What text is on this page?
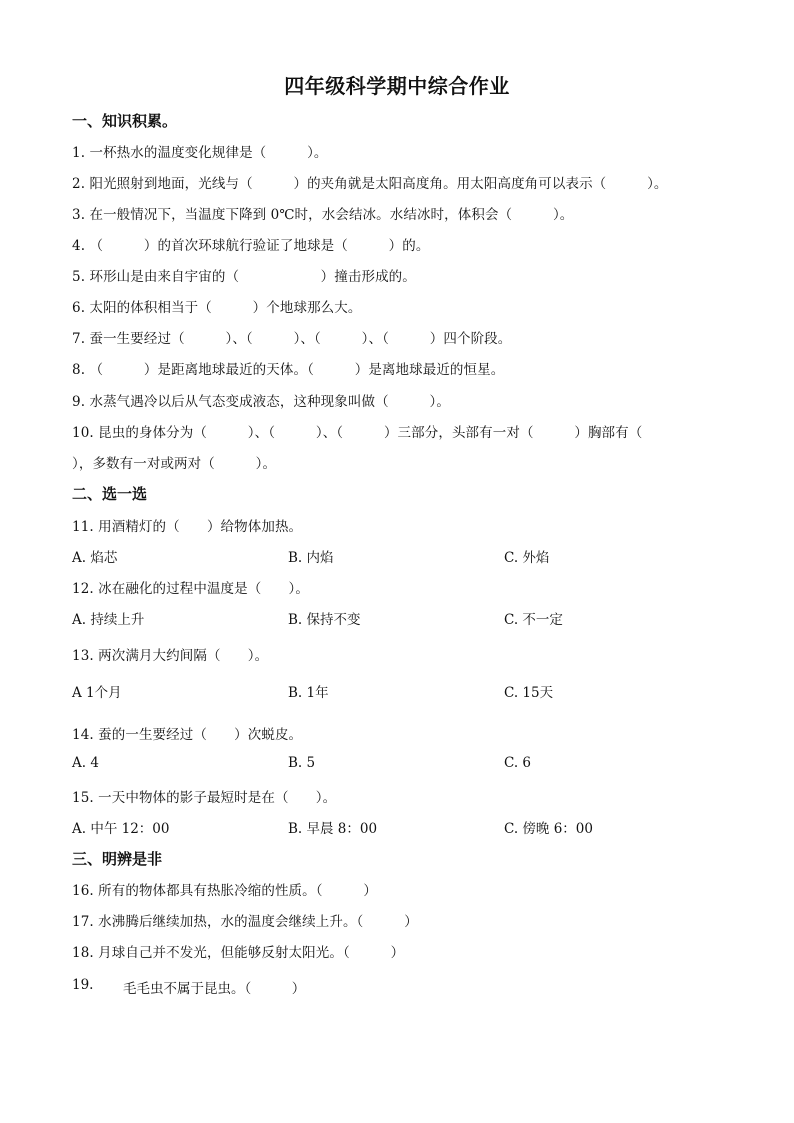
四年级科学期中综合作业
一、知识积累。
1. 一杯热水的温度变化规律是（　　　）。
2. 阳光照射到地面，光线与（　　　）的夹角就是太阳高度角。用太阳高度角可以表示（　　　）。
3. 在一般情况下，当温度下降到 0℃时，水会结冰。水结冰时，体积会（　　　）。
4. （　　　）的首次环球航行验证了地球是（　　　）的。
5. 环形山是由来自宇宙的（　　　　　　）撞击形成的。
6. 太阳的体积相当于（　　　）个地球那么大。
7. 蚕一生要经过（　　　）、（　　　）、（　　　）、（　　　）四个阶段。
8. （　　　）是距离地球最近的天体。（　　　）是离地球最近的恒星。
9. 水蒸气遇冷以后从气态变成液态，这种现象叫做（　　　）。
10. 昆虫的身体分为（　　　）、（　　　）、（　　　）三部分，头部有一对（　　　）胸部有（
），多数有一对或两对（　　　）。
二、选一选
11. 用酒精灯的（　　）给物体加热。
A. 焰芯	B. 内焰	C. 外焰
12. 冰在融化的过程中温度是（　　）。
A. 持续上升	B. 保持不变	C. 不一定
13. 两次满月大约间隔（　　）。
A 1个月	B. 1年	C. 15天
14. 蚕的一生要经过（　　）次蜕皮。
A. 4	B. 5	C. 6
15. 一天中物体的影子最短时是在（　　）。
A. 中午 12：00	B. 早晨 8：00	C. 傍晚 6：00
三、明辨是非
16. 所有的物体都具有热胀冷缩的性质。（　　　）
17. 水沸腾后继续加热，水的温度会继续上升。（　　　）
18. 月球自己并不发光，但能够反射太阳光。（　　　）
19. 毛毛虫不属于昆虫。（　　　）
